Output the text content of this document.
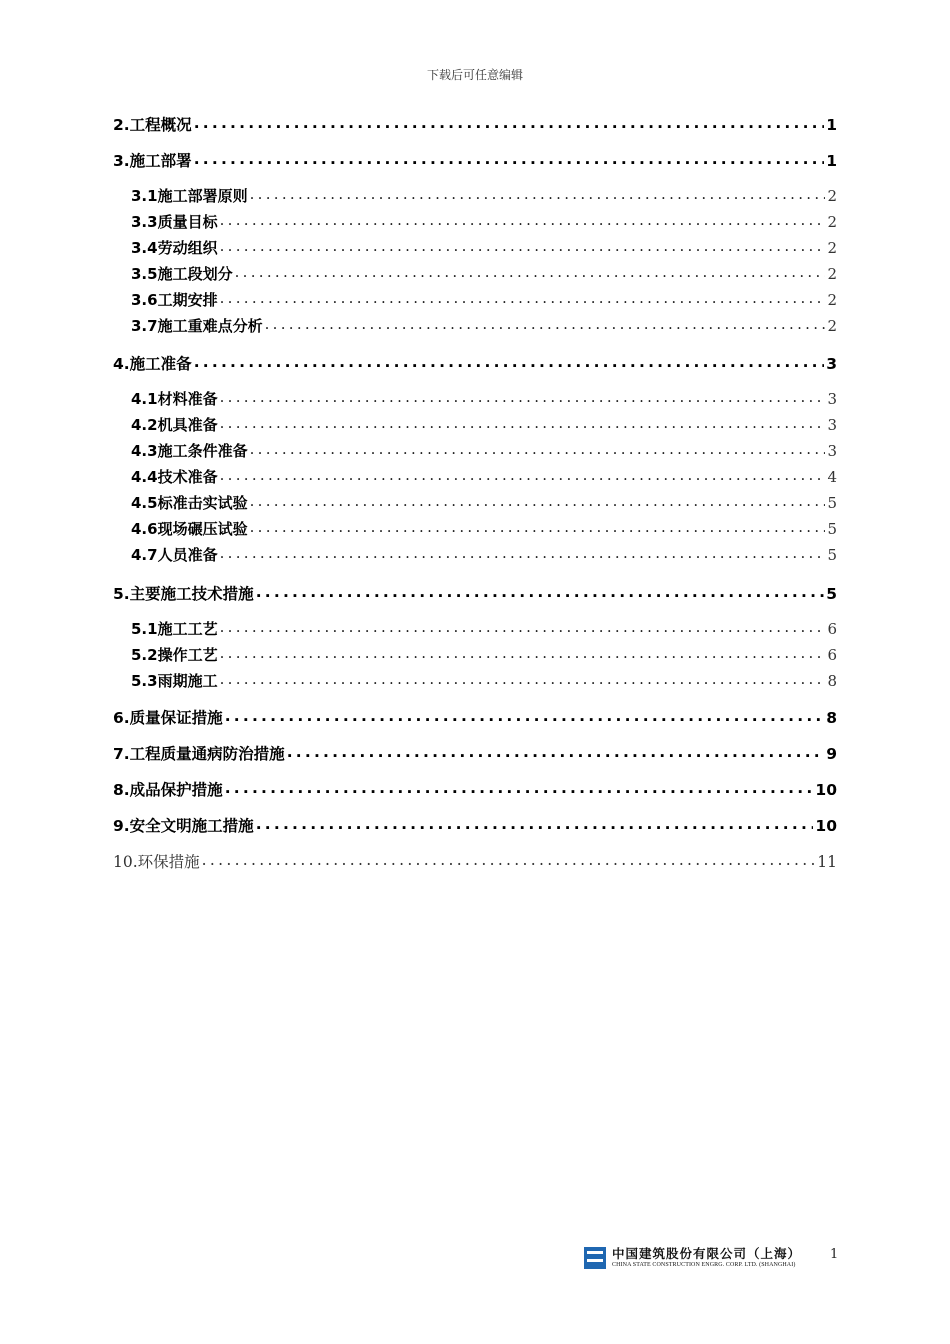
下载后可任意编辑
2.工程概况 .....	1
3.施工部署 .....	1
3.1施工部署原则 .....	2
3.3质量目标 .....	2
3.4劳动组织 .....	2
3.5施工段划分 .....	2
3.6工期安排 .....	2
3.7施工重难点分析 .....	2
4.施工准备 .....	3
4.1材料准备 .....	3
4.2机具准备 .....	3
4.3施工条件准备 .....	3
4.4技术准备 .....	4
4.5标准击实试验 .....	5
4.6现场碾压试验 .....	5
4.7人员准备 .....	5
5.主要施工技术措施 .....	5
5.1施工工艺 .....	6
5.2操作工艺 .....	6
5.3雨期施工 .....	8
6.质量保证措施 .....	8
7.工程质量通病防治措施 .....	9
8.成品保护措施 .....	10
9.安全文明施工措施 .....	10
10.环保措施 .....	11
中国建筑股份有限公司（上海）
CHINA STATE CONSTRUCTION ENGRG. CORP. LTD. (SHANGHAI)
1
